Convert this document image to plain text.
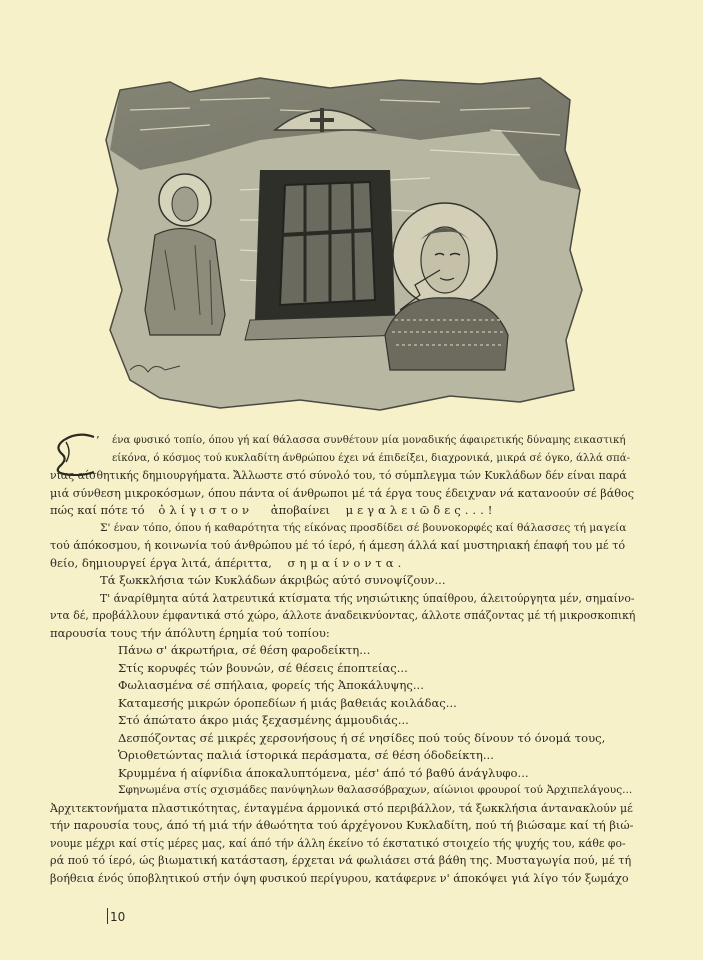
’	ένα φυσικό τοπίο, όπου γή καί θάλασσα συνθέτουν μία μοναδικής άφαιρετικής δύναμης εικαστική
είκόνα, ό κόσμος τού κυκλαδίτη άνθρώπου έχει νά έπιδείξει, διαχρονικά, μικρά σέ όγκο, άλλά σπά-
νιας αίσθητικής δημιουργήματα. Ἄλλωστε στό σύνολό του, τό σύμπλεγμα τών Κυκλάδων δέν είναι παρά
μιά σύνθεση μικροκόσμων, όπου πάντα οί άνθρωποι μέ τά έργα τους έδειχναν νά κατανοούν σέ βάθος
πώς καί πότε τό ὀλίγιστον ἀποβαίνει μεγαλειῶδες...!
Σ' έναν τόπο, όπου ή καθαρότητα τής είκόνας προσδίδει σέ βουνοκορφές καί θάλασσες τή μαγεία
τού άπόκοσμου, ή κοινωνία τού άνθρώπου μέ τό ίερό, ή άμεση άλλά καί μυστηριακή έπαφή του μέ τό
θείο, δημιουργεί έργα λιτά, άπέριττα, σημαίνοντα.
Τά ξωκκλήσια τών Κυκλάδων άκριβώς αύτό συνοψίζουν...
Τ' άναρίθμητα αύτά λατρευτικά κτίσματα τής νησιώτικης ύπαίθρου, άλειτούργητα μέν, σημαίνο-
ντα δέ, προβάλλουν έμφαντικά στό χώρο, άλλοτε άναδεικνύοντας, άλλοτε σπάζοντας μέ τή μικροσκοπική
παρουσία τους τήν άπόλυτη έρημία τού τοπίου:
Πάνω σ' άκρωτήρια, σέ θέση φαροδείκτη...
Στίς κορυφές τών βουνών, σέ θέσεις έποπτείας...
Φωλιασμένα σέ σπήλαια, φορείς τής Ἀποκάλυψης...
Καταμεσής μικρών όροπεδίων ή μιάς βαθειάς κοιλάδας...
Στό άπώτατο άκρο μιάς ξεχασμένης άμμουδιάς...
Δεσπόζοντας σέ μικρές χερσονήσους ή σέ νησίδες πού τούς δίνουν τό όνομά τους,
Ὁριοθετώντας παλιά ίστορικά περάσματα, σέ θέση όδοδείκτη...
Κρυμμένα ή αίφνίδια άποκαλυπτόμενα, μέσ' άπό τό βαθύ άνάγλυφο...
Σφηνωμένα στίς σχισμάδες πανύψηλων θαλασσόβραχων, αίώνιοι φρουροί τού Ἀρχιπελάγους...
Ἀρχιτεκτονήματα πλαστικότητας, ένταγμένα άρμονικά στό περιβάλλον, τά ξωκκλήσια άντανακλούν μέ
τήν παρουσία τους, άπό τή μιά τήν άθωότητα τού άρχέγονου Κυκλαδίτη, πού τή βιώσαμε καί τή βιώ-
νουμε μέχρι καί στίς μέρες μας, καί άπό τήν άλλη έκείνο τό έκστατικό στοιχείο τής ψυχής του, κάθε φο-
ρά πού τό ίερό, ώς βιωματική κατάσταση, έρχεται νά φωλιάσει στά βάθη της. Μυσταγωγία πού, μέ τή
βοήθεια ένός ύποβλητικού στήν όψη φυσικού περίγυρου, κατάφερνε ν' άποκόψει γιά λίγο τόν ξωμάχο
10
